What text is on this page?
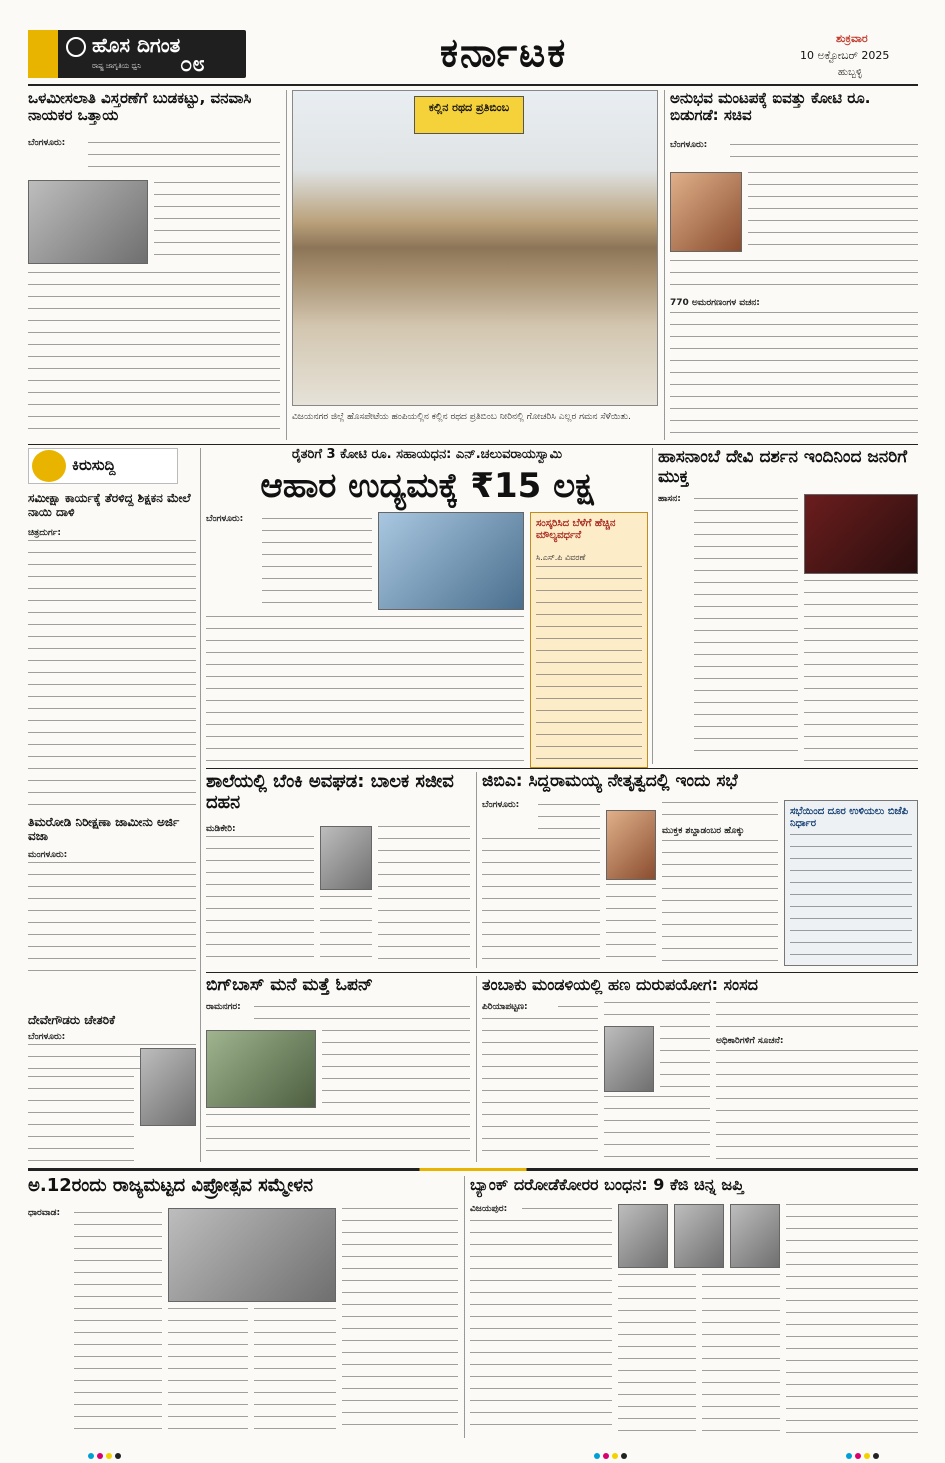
ಹೊಸ ದಿಗಂತ
ರಾಷ್ಟ್ರ ಜಾಗೃತಿಯ ಧ್ವನಿ ೦೮	ಕರ್ನಾಟಕ	ಶುಕ್ರವಾರ
10 ಅಕ್ಟೋಬರ್ 2025
ಹುಬ್ಬಳ್ಳಿ
ಒಳಮೀಸಲಾತಿ ವಿಸ್ತರಣೆಗೆ ಬುಡಕಟ್ಟು, ವನವಾಸಿ ನಾಯಕರ ಒತ್ತಾಯ
ಬೆಂಗಳೂರು:
ಕಲ್ಲಿನ ರಥದ ಪ್ರತಿಬಿಂಬ
ವಿಜಯನಗರ ಜಿಲ್ಲೆ ಹೊಸಪೇಟೆಯ ಹಂಪಿಯಲ್ಲಿನ ಕಲ್ಲಿನ ರಥದ ಪ್ರತಿಬಿಂಬ ನೀರಿನಲ್ಲಿ ಗೋಚರಿಸಿ ಎಲ್ಲರ ಗಮನ ಸೆಳೆಯಿತು.
ಅನುಭವ ಮಂಟಪಕ್ಕೆ ಐವತ್ತು ಕೋಟಿ ರೂ. ಬಿಡುಗಡೆ: ಸಚಿವ
ಬೆಂಗಳೂರು:
770 ಅಮರಗಣಂಗಳ ವಚನ:
ಕಿರುಸುದ್ದಿ
ಸಮೀಕ್ಷಾ ಕಾರ್ಯಕ್ಕೆ ತೆರಳಿದ್ದ ಶಿಕ್ಷಕನ ಮೇಲೆ ನಾಯಿ ದಾಳಿ
ಚಿತ್ರದುರ್ಗ:
ತಿಮರೋಡಿ ನಿರೀಕ್ಷಣಾ ಜಾಮೀನು ಅರ್ಜಿ ವಜಾ
ಮಂಗಳೂರು:
ದೇವೇಗೌಡರು ಚೇತರಿಕೆ
ಬೆಂಗಳೂರು:
ರೈತರಿಗೆ 3 ಕೋಟಿ ರೂ. ಸಹಾಯಧನ: ಎನ್.ಚಲುವರಾಯಸ್ವಾಮಿ
ಆಹಾರ ಉದ್ಯಮಕ್ಕೆ ₹15 ಲಕ್ಷ
ಬೆಂಗಳೂರು:	ಸಂಸ್ಕರಿಸಿದ ಬೆಳೆಗೆ ಹೆಚ್ಚಿನ ಮೌಲ್ಯವರ್ಧನೆ
ಸಿ.ಎಸ್.ಪಿ ವಿವರಣೆ
ಹಾಸನಾಂಬೆ ದೇವಿ ದರ್ಶನ ಇಂದಿನಿಂದ ಜನರಿಗೆ ಮುಕ್ತ
ಹಾಸನ:
ಶಾಲೆಯಲ್ಲಿ ಬೆಂಕಿ ಅವಘಡ: ಬಾಲಕ ಸಜೀವ ದಹನ
ಮಡಿಕೇರಿ:
ಜಿಬಿಎ: ಸಿದ್ದರಾಮಯ್ಯ ನೇತೃತ್ವದಲ್ಲಿ ಇಂದು ಸಭೆ
ಬೆಂಗಳೂರು:
ಮುಕ್ತಕ ಶಬ್ದಾಡಂಬರ ಹೊಕ್ಕು
ಸಭೆಯಿಂದ ದೂರ ಉಳಿಯಲು ಬಿಜೆಪಿ ನಿರ್ಧಾರ
ಬಿಗ್‌ಬಾಸ್ ಮನೆ ಮತ್ತೆ ಓಪನ್
ರಾಮನಗರ:
ತಂಬಾಕು ಮಂಡಳಿಯಲ್ಲಿ ಹಣ ದುರುಪಯೋಗ: ಸಂಸದ
ಪಿರಿಯಾಪಟ್ಟಣ:
ಅಧಿಕಾರಿಗಳಿಗೆ ಸೂಚನೆ:
ಅ.12ರಂದು ರಾಜ್ಯಮಟ್ಟದ ವಿಪ್ರೋತ್ಸವ ಸಮ್ಮೇಳನ
ಧಾರವಾಡ:
ಬ್ಯಾಂಕ್ ದರೋಡೆಕೋರರ ಬಂಧನ: 9 ಕೆಜಿ ಚಿನ್ನ ಜಪ್ತಿ
ವಿಜಯಪುರ:
